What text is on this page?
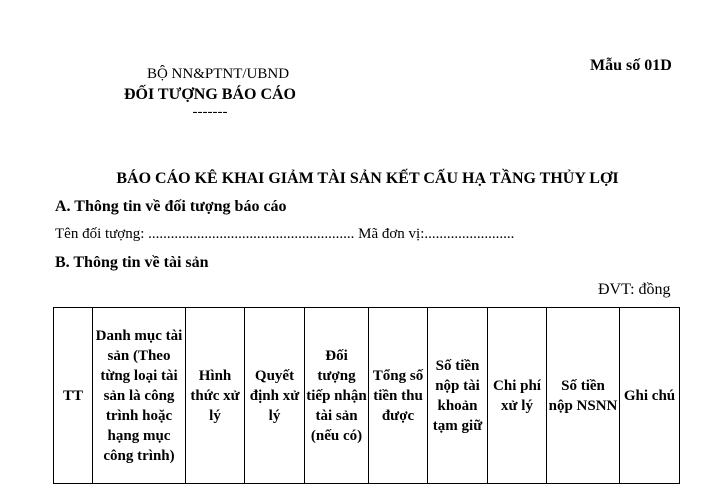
Mẫu số 01D
BỘ NN&PTNT/UBND
ĐỐI TƯỢNG BÁO CÁO
-------
BÁO CÁO KÊ KHAI GIẢM TÀI SẢN KẾT CẤU HẠ TẦNG THỦY LỢI
A. Thông tin về đối tượng báo cáo
Tên đối tượng: ....................................................... Mã đơn vị:........................
B. Thông tin về tài sản
ĐVT: đồng
TT	Danh mục tài sản (Theo từng loại tài sản là công trình hoặc hạng mục công trình)	Hình thức xử lý	Quyết định xử lý	Đối tượng tiếp nhận tài sản (nếu có)	Tổng số tiền thu được	Số tiền nộp tài khoản tạm giữ	Chi phí xử lý	Số tiền nộp NSNN	Ghi chú
